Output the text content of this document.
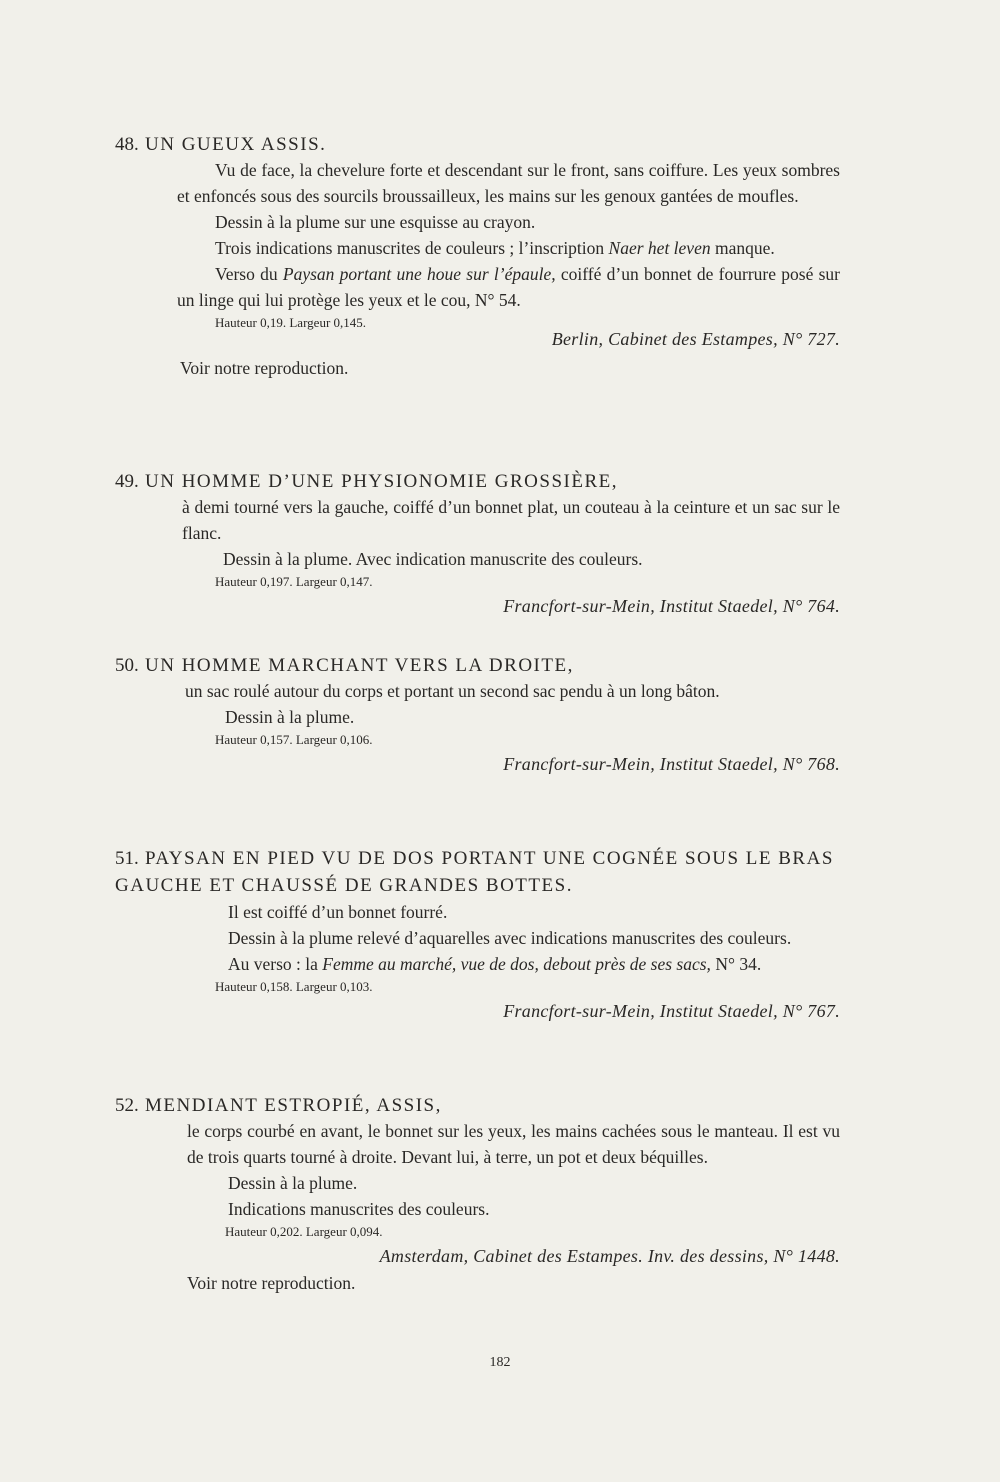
48. UN GUEUX ASSIS.
Vu de face, la chevelure forte et descendant sur le front, sans coiffure. Les yeux sombres et enfoncés sous des sourcils broussailleux, les mains sur les genoux gantées de moufles.
Dessin à la plume sur une esquisse au crayon.
Trois indications manuscrites de couleurs ; l’inscription Naer het leven manque.
Verso du Paysan portant une houe sur l’épaule, coiffé d’un bonnet de fourrure posé sur un linge qui lui protège les yeux et le cou, N° 54.
Hauteur 0,19. Largeur 0,145.
Berlin, Cabinet des Estampes, N° 727.
Voir notre reproduction.
49. UN HOMME D’UNE PHYSIONOMIE GROSSIÈRE,
à demi tourné vers la gauche, coiffé d’un bonnet plat, un couteau à la ceinture et un sac sur le flanc.
Dessin à la plume. Avec indication manuscrite des couleurs.
Hauteur 0,197. Largeur 0,147.
Francfort-sur-Mein, Institut Staedel, N° 764.
50. UN HOMME MARCHANT VERS LA DROITE,
un sac roulé autour du corps et portant un second sac pendu à un long bâton.
Dessin à la plume.
Hauteur 0,157. Largeur 0,106.
Francfort-sur-Mein, Institut Staedel, N° 768.
51. PAYSAN EN PIED VU DE DOS PORTANT UNE COGNÉE SOUS LE BRAS GAUCHE ET CHAUSSÉ DE GRANDES BOTTES.
Il est coiffé d’un bonnet fourré.
Dessin à la plume relevé d’aquarelles avec indications manuscrites des couleurs.
Au verso : la Femme au marché, vue de dos, debout près de ses sacs, N° 34.
Hauteur 0,158. Largeur 0,103.
Francfort-sur-Mein, Institut Staedel, N° 767.
52. MENDIANT ESTROPIÉ, ASSIS,
le corps courbé en avant, le bonnet sur les yeux, les mains cachées sous le manteau. Il est vu de trois quarts tourné à droite. Devant lui, à terre, un pot et deux béquilles.
Dessin à la plume.
Indications manuscrites des couleurs.
Hauteur 0,202. Largeur 0,094.
Amsterdam, Cabinet des Estampes. Inv. des dessins, N° 1448.
Voir notre reproduction.
182
